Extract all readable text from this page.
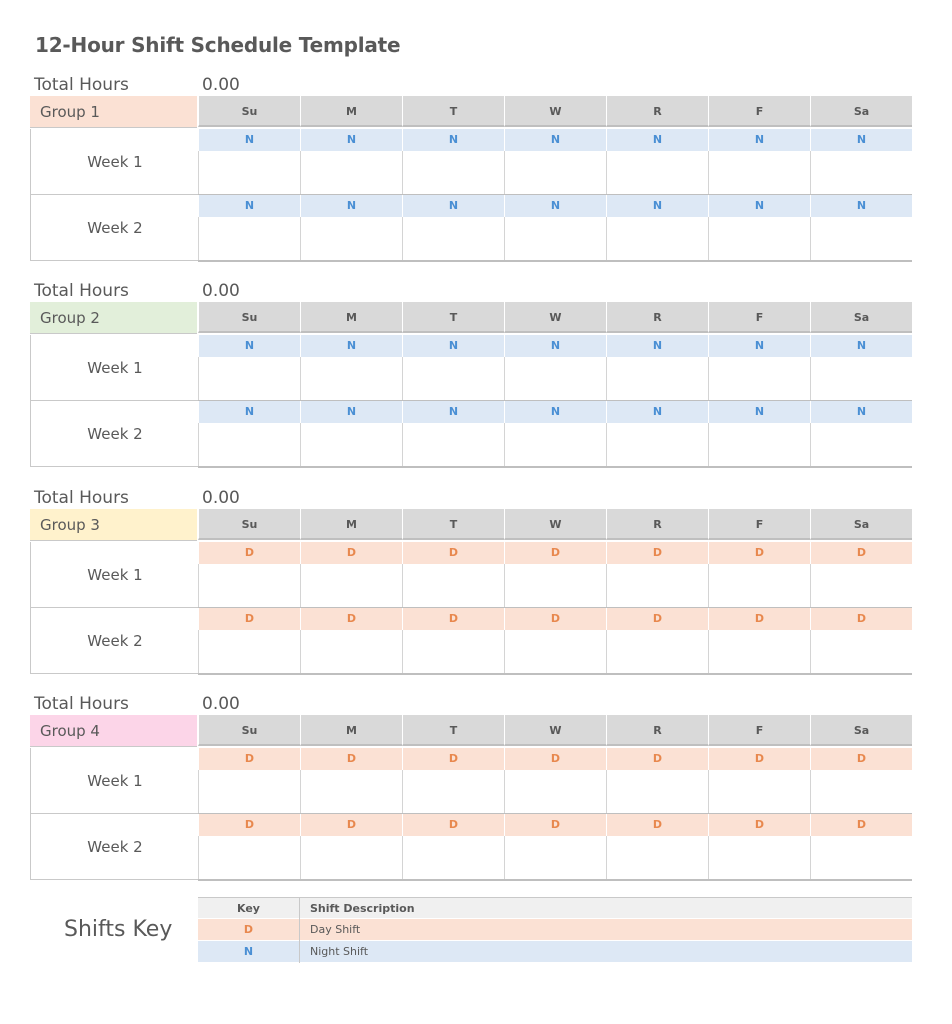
12-Hour Shift Schedule Template
Total Hours	0.00
Group 1	Su	M	T	W	R	F	Sa
Week 1
N	N	N	N	N	N	N
Week 2
N	N	N	N	N	N	N
Total Hours	0.00
Group 2	Su	M	T	W	R	F	Sa
Week 1
N	N	N	N	N	N	N
Week 2
N	N	N	N	N	N	N
Total Hours	0.00
Group 3	Su	M	T	W	R	F	Sa
Week 1
D	D	D	D	D	D	D
Week 2
D	D	D	D	D	D	D
Total Hours	0.00
Group 4	Su	M	T	W	R	F	Sa
Week 1
D	D	D	D	D	D	D
Week 2
D	D	D	D	D	D	D
Shifts Key
Key	Shift Description
D	Day Shift
N	Night Shift
